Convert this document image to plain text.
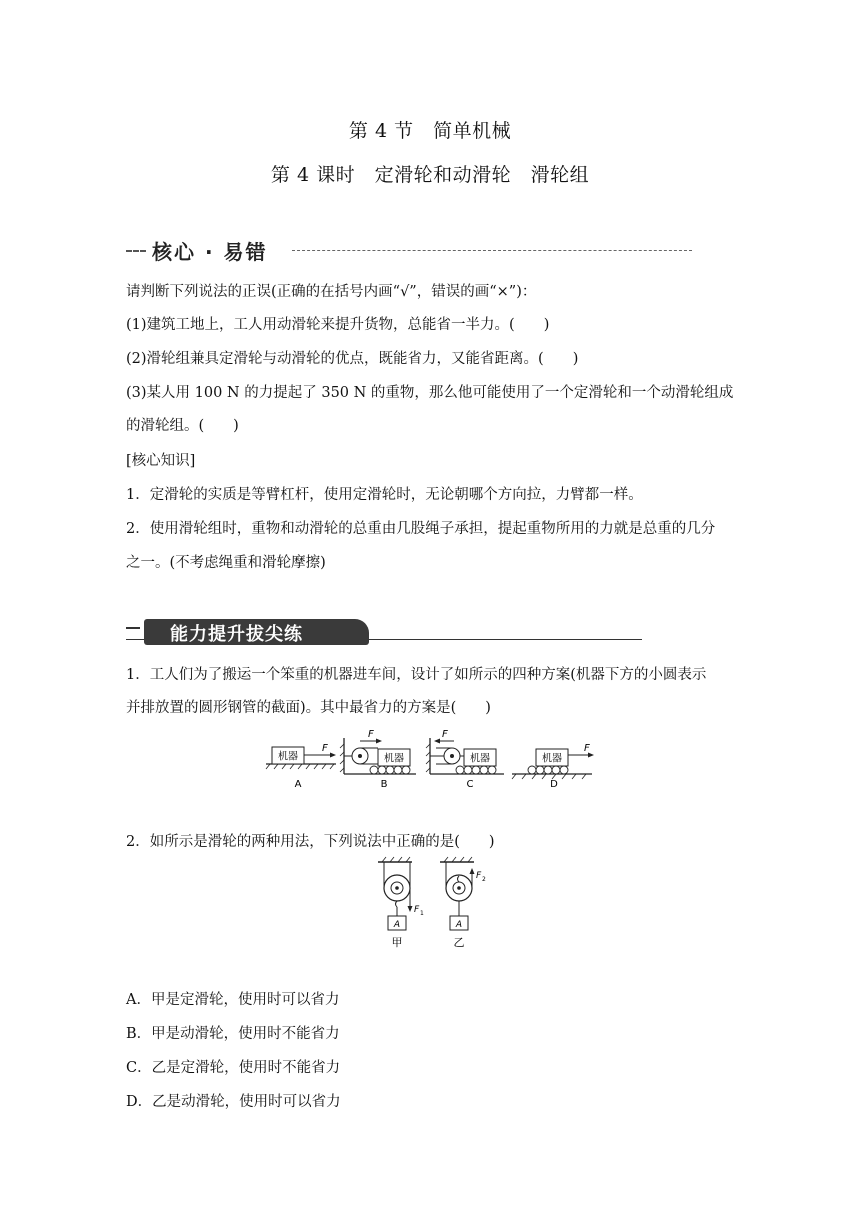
第 4 节　简单机械
第 4 课时　定滑轮和动滑轮　滑轮组
核心 · 易错
请判断下列说法的正误(正确的在括号内画“√”，错误的画“×”)：
(1)建筑工地上，工人用动滑轮来提升货物，总能省一半力。(　　)
(2)滑轮组兼具定滑轮与动滑轮的优点，既能省力，又能省距离。(　　)
(3)某人用 100 N 的力提起了 350 N 的重物，那么他可能使用了一个定滑轮和一个动滑轮组成
的滑轮组。(　　)
[核心知识]
1．定滑轮的实质是等臂杠杆，使用定滑轮时，无论朝哪个方向拉，力臂都一样。
2．使用滑轮组时，重物和动滑轮的总重由几股绳子承担，提起重物所用的力就是总重的几分
之一。(不考虑绳重和滑轮摩擦)
能力提升拔尖练
1．工人们为了搬运一个笨重的机器进车间，设计了如所示的四种方案(机器下方的小圆表示
并排放置的圆形钢管的截面)。其中最省力的方案是(　　)
机器
F
A
机器
F
B
机器
F
C
机器
F
D
2．如所示是滑轮的两种用法，下列说法中正确的是(　　)
A
F 1
甲
F 2
A
乙
A．甲是定滑轮，使用时可以省力
B．甲是动滑轮，使用时不能省力
C．乙是定滑轮，使用时不能省力
D．乙是动滑轮，使用时可以省力
